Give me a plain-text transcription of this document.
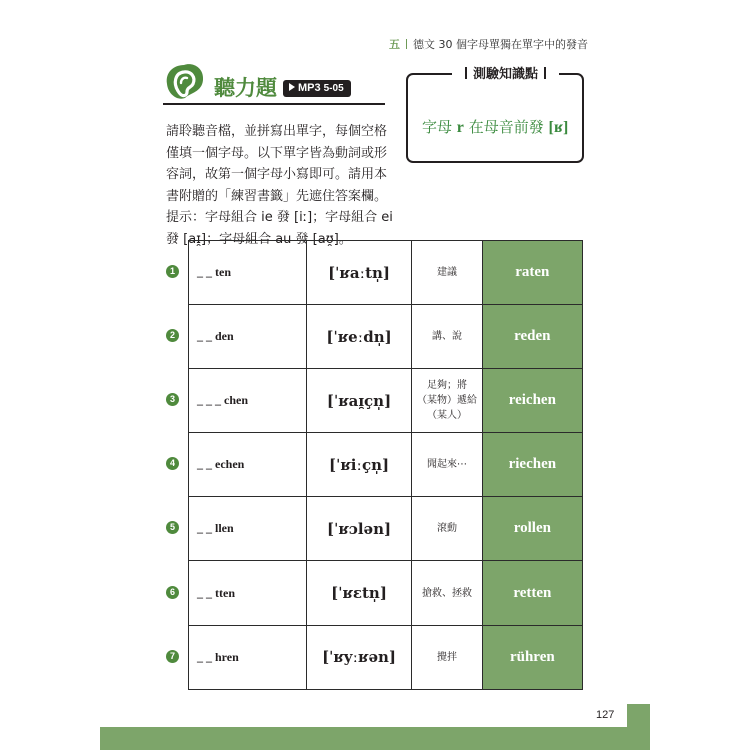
五 德文 30 個字母單獨在單字中的發音
聽力題	MP3 5-05
測驗知識點
字母 r 在母音前發 [ʁ]

請聆聽音檔，並拼寫出單字，每個空格僅填一個字母。以下單字皆為動詞或形容詞，故第一個字母小寫即可。請用本書附贈的「練習書籤」先遮住答案欄。提示：字母組合 ie 發 [iː]；字母組合 ei 發 [aɪ̯]；字母組合 au 發 [aʊ̯]。

_ _ ten	[ˈʁaːtn̩]	建議	raten
_ _ den	[ˈʁeːdn̩]	講、說	reden
_ _ _ chen	[ˈʁaɪ̯çn̩]	足夠；將
（某物）遞給
（某人）	reichen
_ _ echen	[ˈʁiːçn̩]	聞起來⋯	riechen
_ _ llen	[ˈʁɔlən]	滾動	rollen
_ _ tten	[ˈʁɛtn̩]	搶救、拯救	retten
_ _ hren	[ˈʁyːʁən]	攪拌	rühren
1
2
3
4
5
6
7
127
